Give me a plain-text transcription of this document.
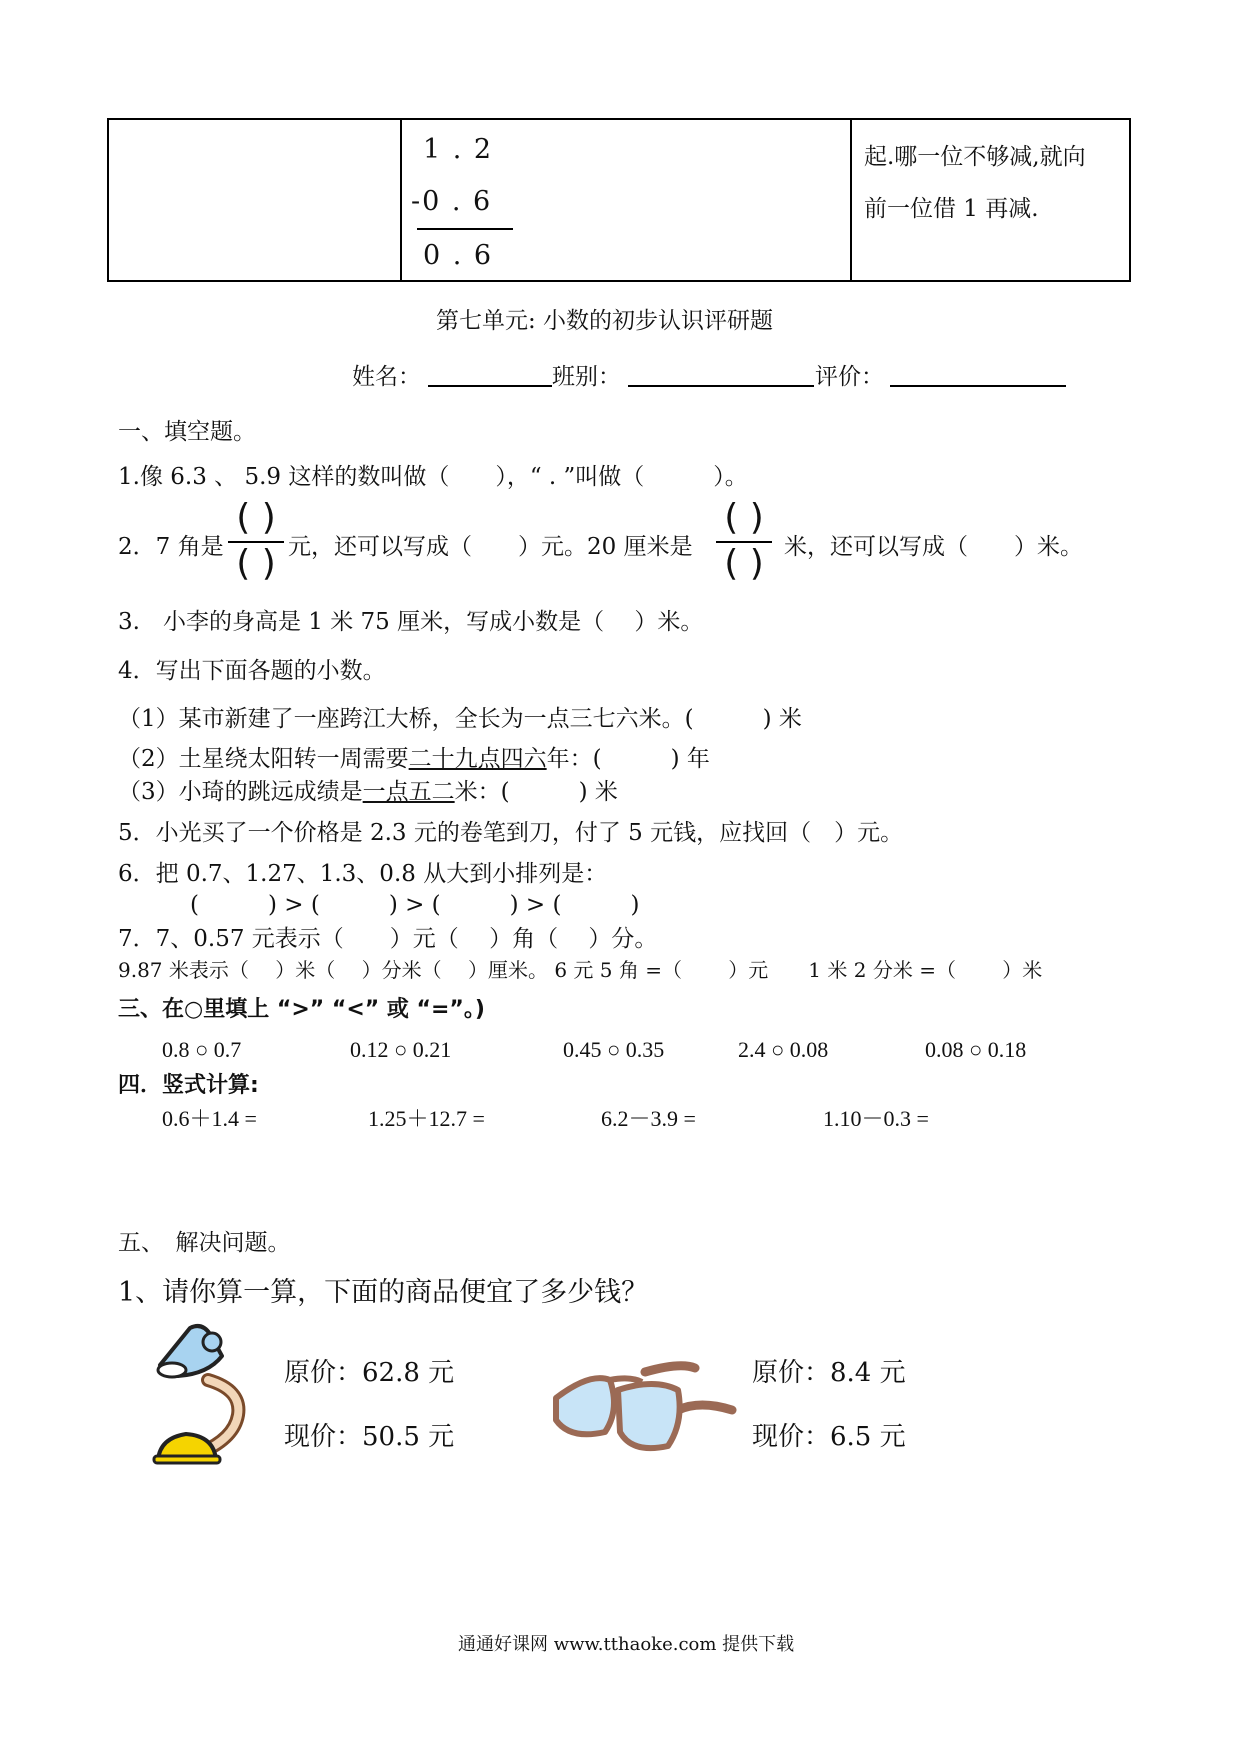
1 . 2
-0 . 6
0 . 6
起.哪一位不够减,就向
前一位借 1 再减.
第七单元: 小数的初步认识评研题
姓名：	班别：	评价：
一、填空题。
1.像 6.3 、 5.9 这样的数叫做（　　），“ . ”叫做（　　　）。
2．7 角是
( )
( ) 元，还可以写成（　　）元。20 厘米是
( )
( ) 米，还可以写成（　　）米。
3.　小李的身高是 1 米 75 厘米，写成小数是（　 ）米。
4．写出下面各题的小数。
（1）某市新建了一座跨江大桥，全长为一点三七六米。(　　　) 米
（2）土星绕太阳转一周需要二十九点四六年：(　　　) 年
（3）小琦的跳远成绩是一点五二米：(　　　) 米
5．小光买了一个价格是 2.3 元的卷笔到刀，付了 5 元钱，应找回（　）元。
6．把 0.7、1.27、1.3、0.8 从大到小排列是：
(　　　) > (　　　) > (　　　) > (　　　)
7．7、0.57 元表示（　　）元（　 ）角（　 ）分。
9.87 米表示（　 ）米（　 ）分米（　 ）厘米。 6 元 5 角 =（　　 ）元　　1 米 2 分米 =（　　 ）米
三、在○里填上 “>” “<” 或 “=”。)
0.8 ○ 0.7	0.12 ○ 0.21	0.45 ○ 0.35	2.4 ○ 0.08	0.08 ○ 0.18
四．竖式计算:
0.6＋1.4 =	1.25＋12.7 =	6.2－3.9 =	1.10－0.3 =
五、　解决问题。
1、请你算一算，下面的商品便宜了多少钱？
原价：62.8 元
现价：50.5 元
原价：8.4 元
现价：6.5 元
通通好课网 www.tthaoke.com 提供下载
